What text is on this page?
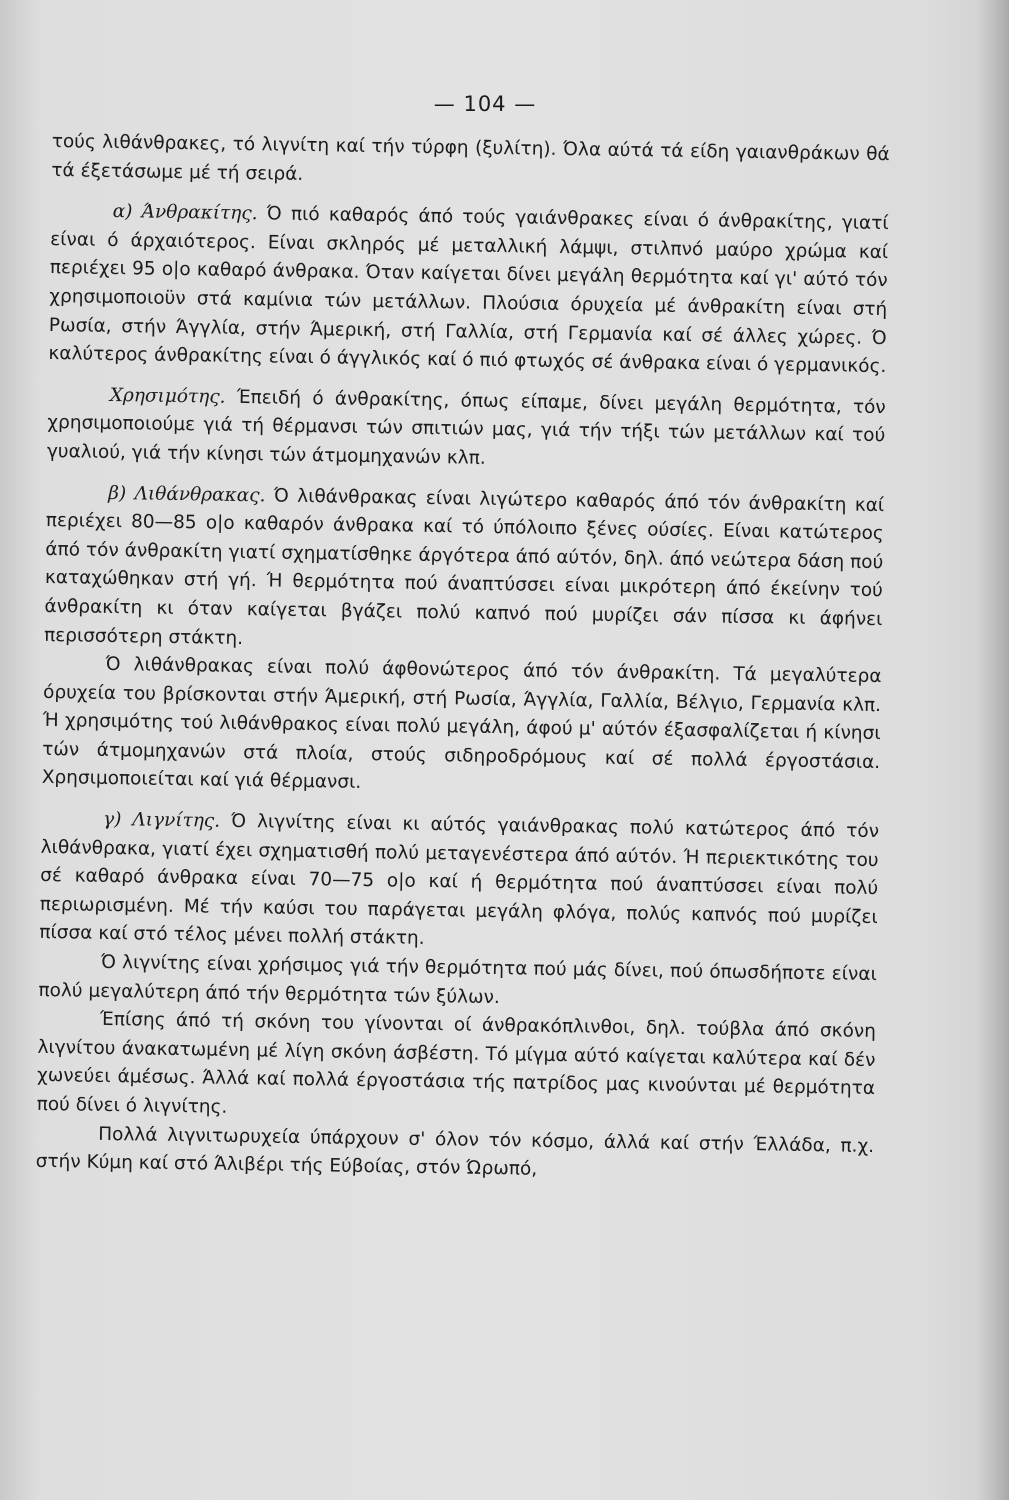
— 104 —

τούς λιθάνθρακες, τό λιγνίτη καί τήν τύρφη (ξυλίτη). Όλα αύτά τά είδη γαιανθράκων θά τά έξετάσωμε μέ τή σειρά.

α) Άνθρακίτης. Ό πιό καθαρός άπό τούς γαιάνθρακες είναι ό άνθρακίτης, γιατί είναι ό άρχαιότερος. Είναι σκληρός μέ μεταλλική λάμψι, στιλπνό μαύρο χρώμα καί περιέχει 95 ο|ο καθαρό άνθρακα. Όταν καίγεται δίνει μεγάλη θερμότητα καί γι' αύτό τόν χρησιμοποιοϋν στά καμίνια τών μετάλλων. Πλούσια όρυχεία μέ άνθρακίτη είναι στή Ρωσία, στήν Άγγλία, στήν Άμερική, στή Γαλλία, στή Γερμανία καί σέ άλλες χώρες. Ό καλύτερος άνθρακίτης είναι ό άγγλικός καί ό πιό φτωχός σέ άνθρακα είναι ό γερμανικός.

Χρησιμότης. Έπειδή ό άνθρακίτης, όπως είπαμε, δίνει μεγάλη θερμότητα, τόν χρησιμοποιούμε γιά τή θέρμανσι τών σπιτιών μας, γιά τήν τήξι τών μετάλλων καί τού γυαλιού, γιά τήν κίνησι τών άτμομηχανών κλπ.

β) Λιθάνθρακας. Ό λιθάνθρακας είναι λιγώτερο καθαρός άπό τόν άνθρακίτη καί περιέχει 80—85 ο|ο καθαρόν άνθρακα καί τό ύπόλοιπο ξένες ούσίες. Είναι κατώτερος άπό τόν άνθρακίτη γιατί σχηματίσθηκε άργότερα άπό αύτόν, δηλ. άπό νεώτερα δάση πού καταχώθηκαν στή γή. Ή θερμότητα πού άναπτύσσει είναι μικρότερη άπό έκείνην τού άνθρακίτη κι όταν καίγεται βγάζει πολύ καπνό πού μυρίζει σάν πίσσα κι άφήνει περισσότερη στάκτη.

Ό λιθάνθρακας είναι πολύ άφθονώτερος άπό τόν άνθρακίτη. Τά μεγαλύτερα όρυχεία του βρίσκονται στήν Άμερική, στή Ρωσία, Άγγλία, Γαλλία, Βέλγιο, Γερμανία κλπ. Ή χρησιμότης τού λιθάνθρακος είναι πολύ μεγάλη, άφού μ' αύτόν έξασφαλίζεται ή κίνησι τών άτμομηχανών στά πλοία, στούς σιδηροδρόμους καί σέ πολλά έργοστάσια. Χρησιμοποιείται καί γιά θέρμανσι.

γ) Λιγνίτης. Ό λιγνίτης είναι κι αύτός γαιάνθρακας πολύ κατώτερος άπό τόν λιθάνθρακα, γιατί έχει σχηματισθή πολύ μεταγενέστερα άπό αύτόν. Ή περιεκτικότης του σέ καθαρό άνθρακα είναι 70—75 ο|ο καί ή θερμότητα πού άναπτύσσει είναι πολύ περιωρισμένη. Μέ τήν καύσι του παράγεται μεγάλη φλόγα, πολύς καπνός πού μυρίζει πίσσα καί στό τέλος μένει πολλή στάκτη.

Ό λιγνίτης είναι χρήσιμος γιά τήν θερμότητα πού μάς δίνει, πού όπωσδήποτε είναι πολύ μεγαλύτερη άπό τήν θερμότητα τών ξύλων.

Έπίσης άπό τή σκόνη του γίνονται οί άνθρακόπλινθοι, δηλ. τούβλα άπό σκόνη λιγνίτου άνακατωμένη μέ λίγη σκόνη άσβέστη. Τό μίγμα αύτό καίγεται καλύτερα καί δέν χωνεύει άμέσως. Άλλά καί πολλά έργοστάσια τής πατρίδος μας κινούνται μέ θερμότητα πού δίνει ό λιγνίτης.

Πολλά λιγνιτωρυχεία ύπάρχουν σ' όλον τόν κόσμο, άλλά καί στήν Έλλάδα, π.χ. στήν Κύμη καί στό Άλιβέρι τής Εύβοίας, στόν Ώρωπό,
